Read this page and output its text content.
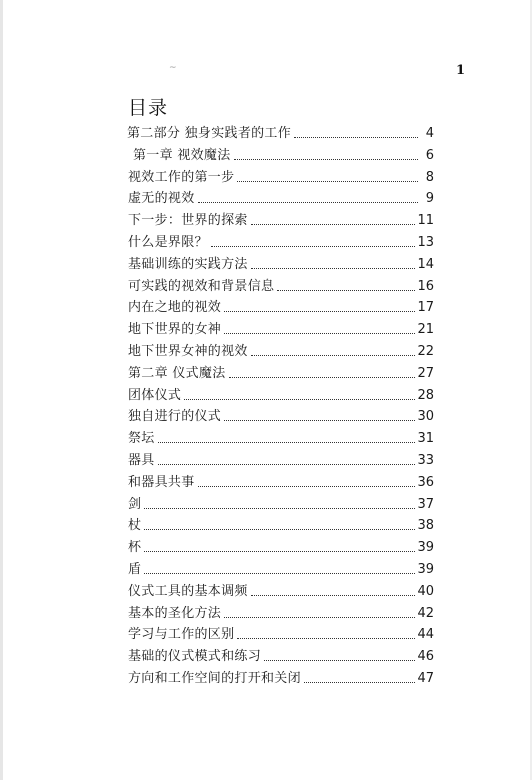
~	1
目录
第二部分 独身实践者的工作	4
第一章 视效魔法	6
视效工作的第一步	8
虚无的视效	9
下一步：世界的探索	11
什么是界限？	13
基础训练的实践方法	14
可实践的视效和背景信息	16
内在之地的视效	17
地下世界的女神	21
地下世界女神的视效	22
第二章 仪式魔法	27
团体仪式	28
独自进行的仪式	30
祭坛	31
器具	33
和器具共事	36
剑	37
杖	38
杯	39
盾	39
仪式工具的基本调频	40
基本的圣化方法	42
学习与工作的区别	44
基础的仪式模式和练习	46
方向和工作空间的打开和关闭	47
